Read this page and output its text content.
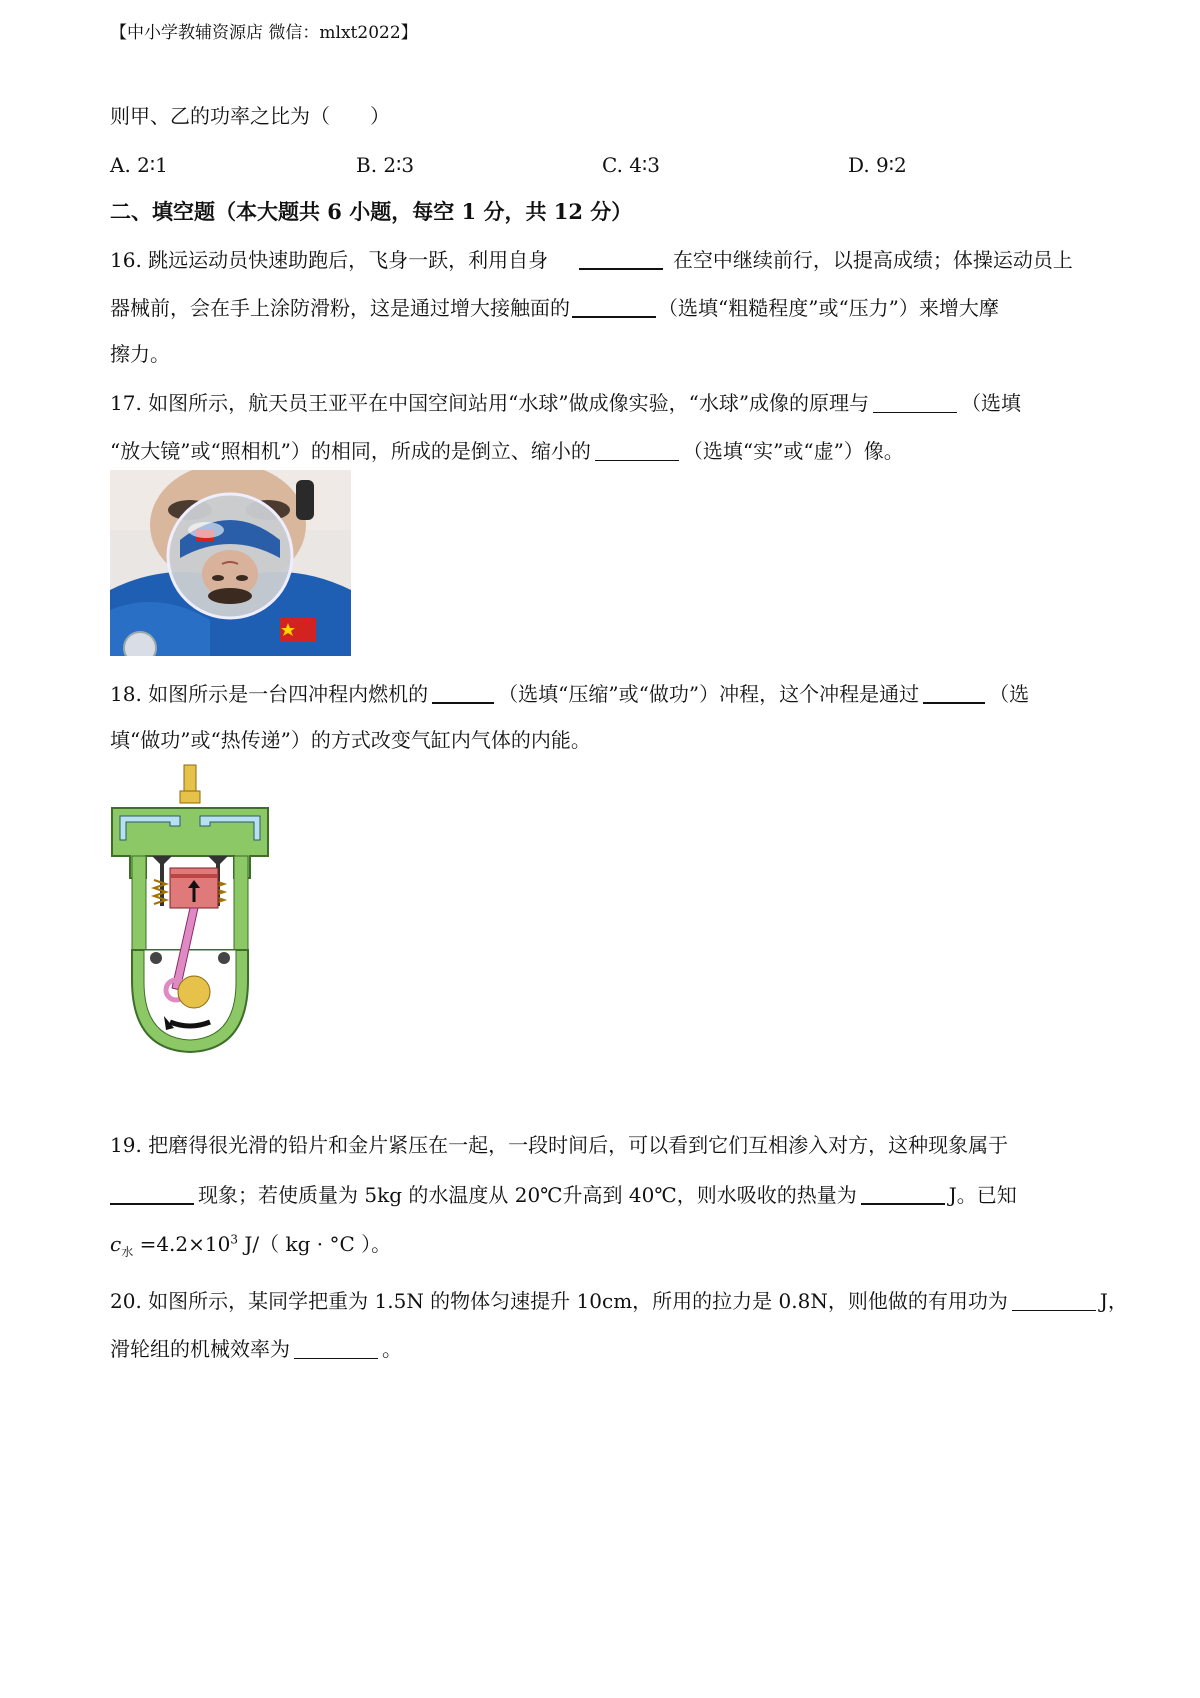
【中小学教辅资源店 微信：mlxt2022】
则甲、乙的功率之比为（　　）
A. 2∶1	B. 2∶3	C. 4∶3	D. 9∶2
二、填空题（本大题共 6 小题，每空 1 分，共 12 分）
16. 跳远运动员快速助跑后，飞身一跃，利用自身	在空中继续前行，以提高成绩；体操运动员上
器械前，会在手上涂防滑粉，这是通过增大接触面的	（选填“粗糙程度”或“压力”）来增大摩
擦力。
17. 如图所示，航天员王亚平在中国空间站用“水球”做成像实验，“水球”成像的原理与	（选填
“放大镜”或“照相机”）的相同，所成的是倒立、缩小的	（选填“实”或“虚”）像。
18. 如图所示是一台四冲程内燃机的	（选填“压缩”或“做功”）冲程，这个冲程是通过	（选
填“做功”或“热传递”）的方式改变气缸内气体的内能。
19. 把磨得很光滑的铅片和金片紧压在一起，一段时间后，可以看到它们互相渗入对方，这种现象属于
现象；若使质量为 5kg 的水温度从 20℃升高到 40℃，则水吸收的热量为	J。已知
$c_水 =4.2\times 10^3$ J/（ kg · °C ）。
20. 如图所示，某同学把重为 1.5N 的物体匀速提升 10cm，所用的拉力是 0.8N，则他做的有用功为	J，
滑轮组的机械效率为	。
